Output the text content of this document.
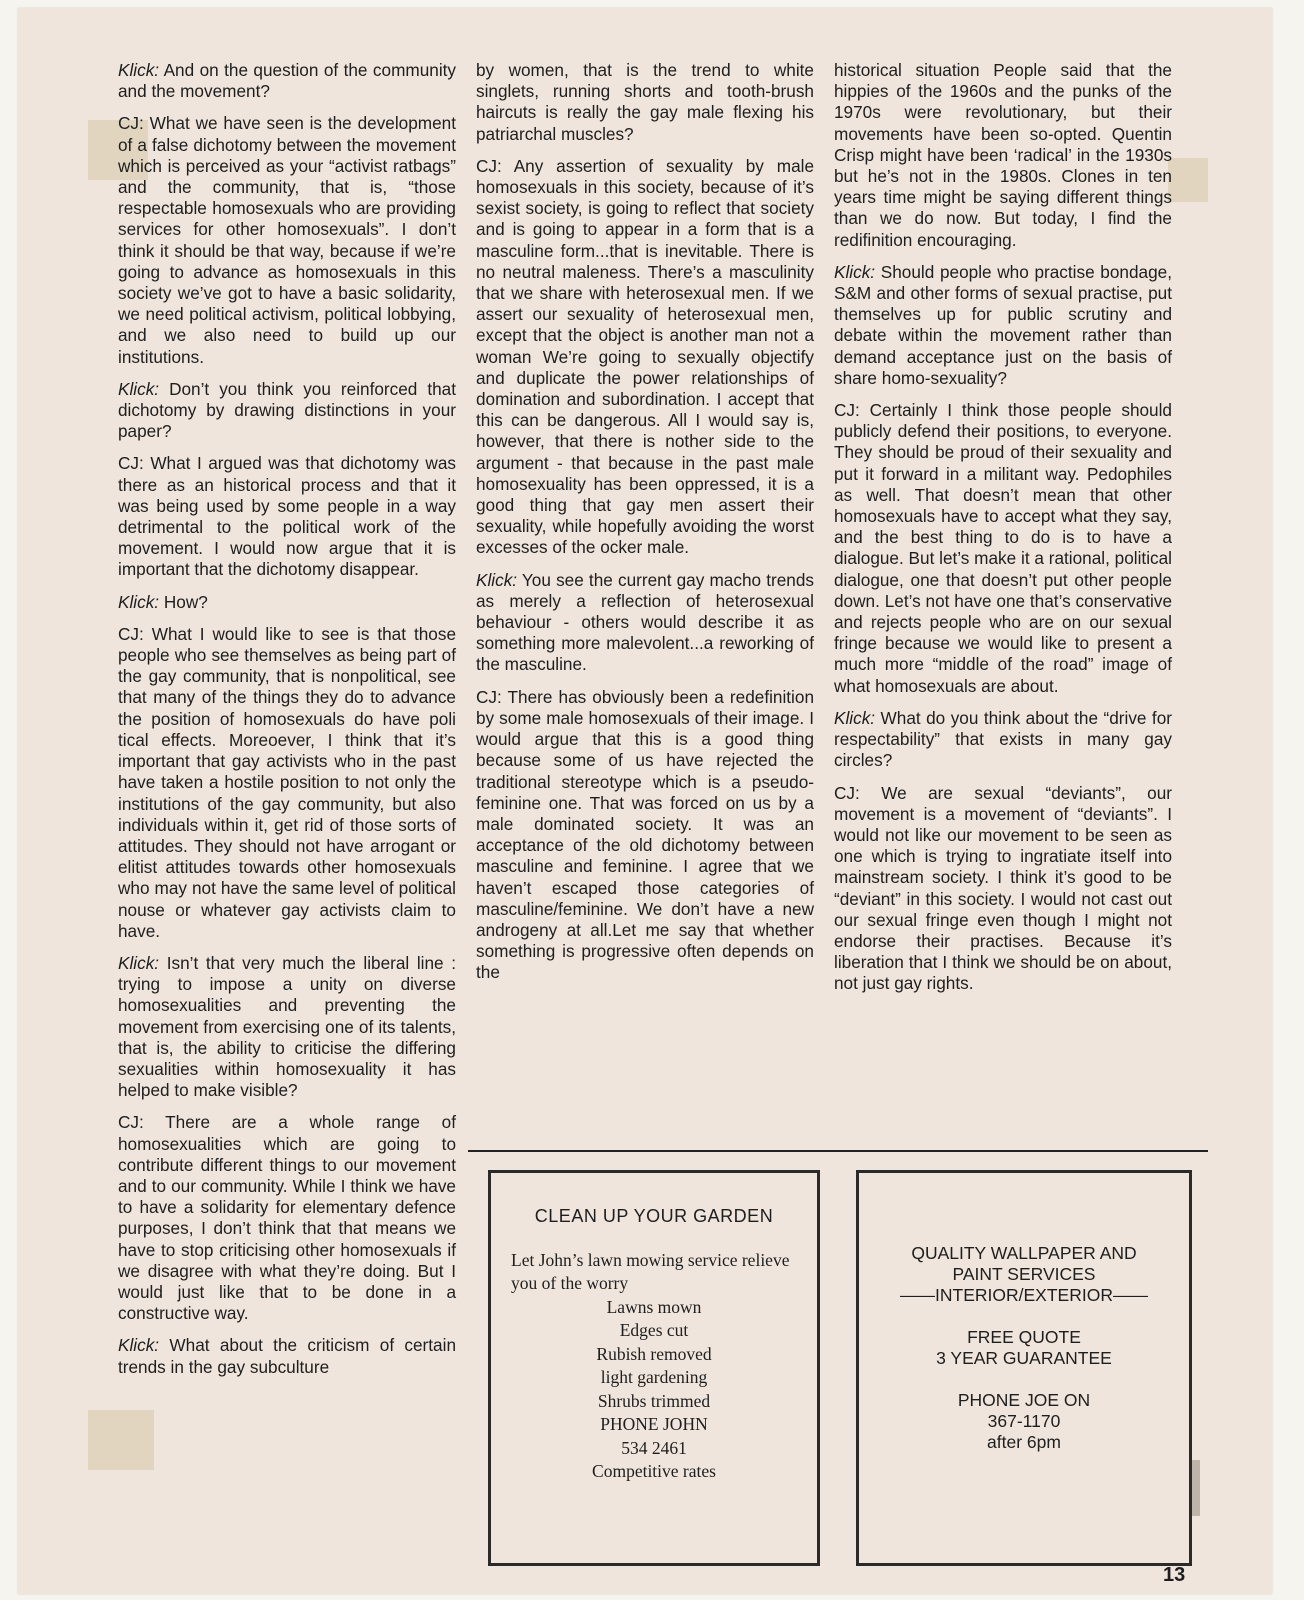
Klick: And on the question of the community and the movement?

CJ: What we have seen is the development of a false dichotomy between the movement which is perceived as your “activist ratbags” and the community, that is, “those respectable homosexuals who are providing services for other homosexuals”. I don’t think it should be that way, because if we’re going to advance as homosexuals in this society we’ve got to have a basic solidarity, we need political activism, political lobbying, and we also need to build up our institutions.

Klick: Don’t you think you reinforced that dichotomy by drawing distinctions in your paper?

CJ: What I argued was that dichotomy was there as an historical process and that it was being used by some people in a way detrimental to the political work of the movement. I would now argue that it is important that the dichotomy disappear.

Klick: How?

CJ: What I would like to see is that those people who see themselves as being part of the gay community, that is nonpolitical, see that many of the things they do to advance the position of homosexuals do have poli tical effects. Moreoever, I think that it’s important that gay activists who in the past have taken a hostile position to not only the institutions of the gay community, but also individuals within it, get rid of those sorts of attitudes. They should not have arrogant or elitist attitudes towards other homosexuals who may not have the same level of political nouse or whatever gay activists claim to have.

Klick: Isn’t that very much the liberal line : trying to impose a unity on diverse homosexualities and preventing the movement from exercising one of its talents, that is, the ability to criticise the differing sexualities within homosexuality it has helped to make visible?

CJ: There are a whole range of homosexualities which are going to contribute different things to our movement and to our community. While I think we have to have a solidarity for elementary defence purposes, I don’t think that that means we have to stop criticising other homosexuals if we disagree with what they’re doing. But I would just like that to be done in a constructive way.

Klick: What about the criticism of certain trends in the gay subculture

by women, that is the trend to white singlets, running shorts and tooth-brush haircuts is really the gay male flexing his patriarchal muscles?

CJ: Any assertion of sexuality by male homosexuals in this society, because of it’s sexist society, is going to reflect that society and is going to appear in a form that is a masculine form...that is inevitable. There is no neutral maleness. There’s a masculinity that we share with heterosexual men. If we assert our sexuality of heterosexual men, except that the object is another man not a woman We’re going to sexually objectify and duplicate the power relationships of domination and subordination. I accept that this can be dangerous. All I would say is, however, that there is nother side to the argument - that because in the past male homosexuality has been oppressed, it is a good thing that gay men assert their sexuality, while hopefully avoiding the worst excesses of the ocker male.

Klick: You see the current gay macho trends as merely a reflection of heterosexual behaviour - others would describe it as something more malevolent...a reworking of the masculine.

CJ: There has obviously been a redefinition by some male homosexuals of their image. I would argue that this is a good thing because some of us have rejected the traditional stereotype which is a pseudo-feminine one. That was forced on us by a male dominated society. It was an acceptance of the old dichotomy between masculine and feminine. I agree that we haven’t escaped those categories of masculine/feminine. We don’t have a new androgeny at all.Let me say that whether something is progressive often depends on the

historical situation People said that the hippies of the 1960s and the punks of the 1970s were revolutionary, but their movements have been so-opted. Quentin Crisp might have been ‘radical’ in the 1930s but he’s not in the 1980s. Clones in ten years time might be saying different things than we do now. But today, I find the redifinition encouraging.

Klick: Should people who practise bondage, S&M and other forms of sexual practise, put themselves up for public scrutiny and debate within the movement rather than demand acceptance just on the basis of share homo-sexuality?

CJ: Certainly I think those people should publicly defend their positions, to everyone. They should be proud of their sexuality and put it forward in a militant way. Pedophiles as well. That doesn’t mean that other homosexuals have to accept what they say, and the best thing to do is to have a dialogue. But let’s make it a rational, political dialogue, one that doesn’t put other people down. Let’s not have one that’s conservative and rejects people who are on our sexual fringe because we would like to present a much more “middle of the road” image of what homosexuals are about.

Klick: What do you think about the “drive for respectability” that exists in many gay circles?

CJ: We are sexual “deviants”, our movement is a movement of “deviants”. I would not like our movement to be seen as one which is trying to ingratiate itself into mainstream society. I think it’s good to be “deviant” in this society. I would not cast out our sexual fringe even though I might not endorse their practises. Because it’s liberation that I think we should be on about, not just gay rights.

CLEAN UP YOUR GARDEN
Let John’s lawn mowing service relieve you of the worry
Lawns mown
Edges cut
Rubish removed
light gardening
Shrubs trimmed
PHONE JOHN
534 2461
Competitive rates
QUALITY WALLPAPER AND
PAINT SERVICES
——INTERIOR/EXTERIOR——
FREE QUOTE
3 YEAR GUARANTEE
PHONE JOE ON
367-1170
after 6pm
13
